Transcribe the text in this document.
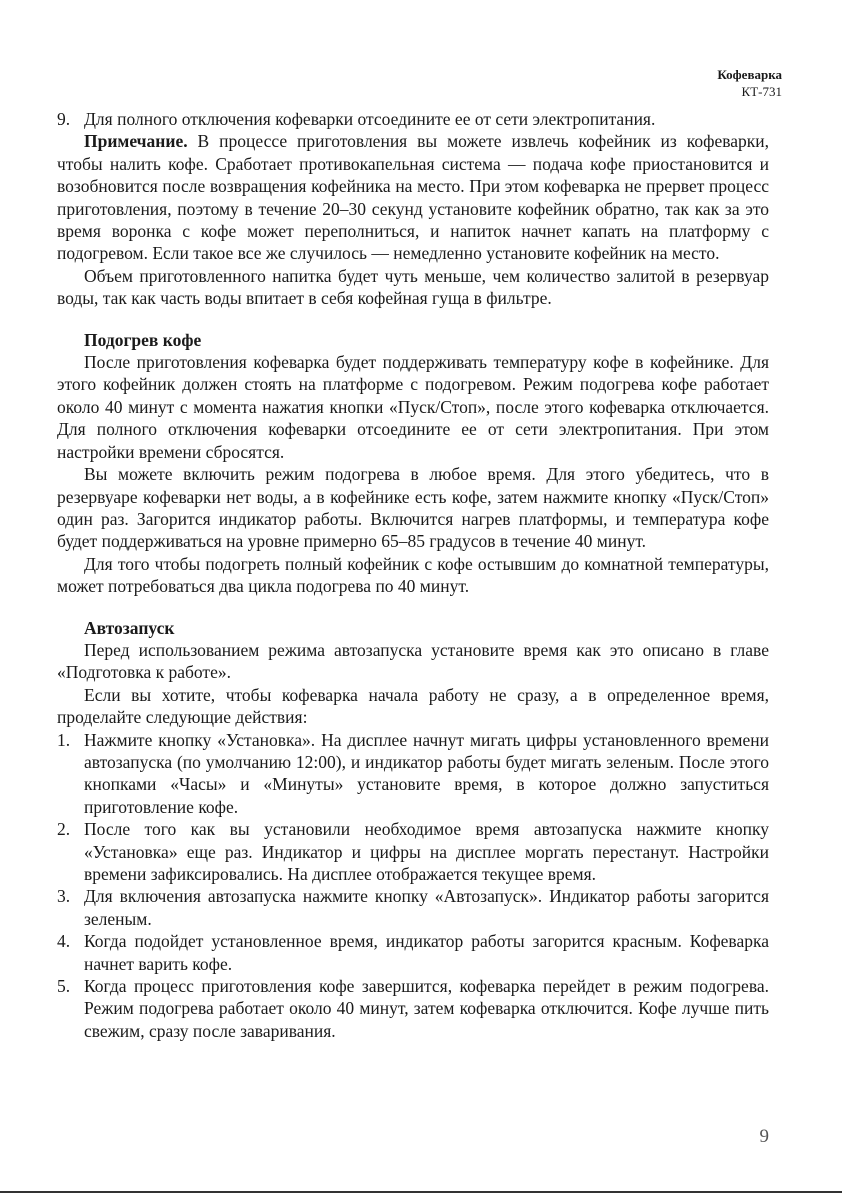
Кофеварка
КТ-731
9. Для полного отключения кофеварки отсоедините ее от сети электропитания.

Примечание. В процессе приготовления вы можете извлечь кофейник из кофеварки, чтобы налить кофе. Сработает противокапельная система — подача кофе приостановится и возобновится после возвращения кофейника на место. При этом кофеварка не прервет процесс приготовления, поэтому в течение 20–30 секунд установите кофейник обратно, так как за это время воронка с кофе может переполниться, и напиток начнет капать на платформу с подогревом. Если такое все же случилось — немедленно установите кофейник на место.

Объем приготовленного напитка будет чуть меньше, чем количество залитой в резервуар воды, так как часть воды впитает в себя кофейная гуща в фильтре.

Подогрев кофе

После приготовления кофеварка будет поддерживать температуру кофе в кофейнике. Для этого кофейник должен стоять на платформе с подогревом. Режим подогрева кофе работает около 40 минут с момента нажатия кнопки «Пуск/Стоп», после этого кофеварка отключается. Для полного отключения кофеварки отсоедините ее от сети электропитания. При этом настройки времени сбросятся.

Вы можете включить режим подогрева в любое время. Для этого убедитесь, что в резервуаре кофеварки нет воды, а в кофейнике есть кофе, затем нажмите кнопку «Пуск/Стоп» один раз. Загорится индикатор работы. Включится нагрев платформы, и температура кофе будет поддерживаться на уровне примерно 65–85 градусов в течение 40 минут.

Для того чтобы подогреть полный кофейник с кофе остывшим до комнатной температуры, может потребоваться два цикла подогрева по 40 минут.

Автозапуск

Перед использованием режима автозапуска установите время как это описано в главе «Подготовка к работе».

Если вы хотите, чтобы кофеварка начала работу не сразу, а в определенное время, проделайте следующие действия:

1. Нажмите кнопку «Установка». На дисплее начнут мигать цифры установленного времени автозапуска (по умолчанию 12:00), и индикатор работы будет мигать зеленым. После этого кнопками «Часы» и «Минуты» установите время, в которое должно запуститься приготовление кофе.
2. После того как вы установили необходимое время автозапуска нажмите кнопку «Установка» еще раз. Индикатор и цифры на дисплее моргать перестанут. Настройки времени зафиксировались. На дисплее отображается текущее время.
3. Для включения автозапуска нажмите кнопку «Автозапуск». Индикатор работы загорится зеленым.
4. Когда подойдет установленное время, индикатор работы загорится красным. Кофеварка начнет варить кофе.
5. Когда процесс приготовления кофе завершится, кофеварка перейдет в режим подогрева. Режим подогрева работает около 40 минут, затем кофеварка отключится. Кофе лучше пить свежим, сразу после заваривания.
9
